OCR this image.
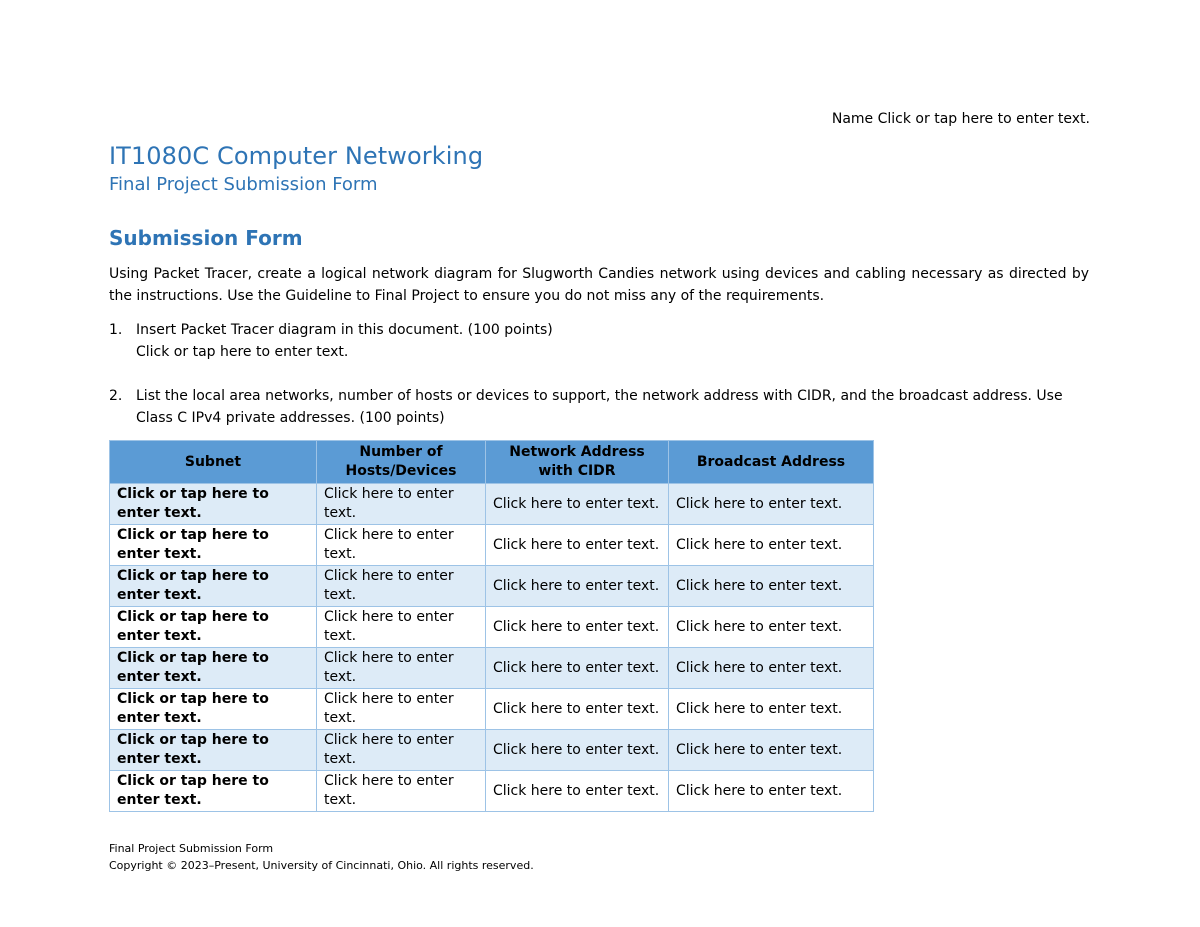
Name Click or tap here to enter text.
IT1080C Computer Networking
Final Project Submission Form
Submission Form
Using Packet Tracer, create a logical network diagram for Slugworth Candies network using devices and cabling necessary as directed by the instructions. Use the Guideline to Final Project to ensure you do not miss any of the requirements.
1. Insert Packet Tracer diagram in this document. (100 points)
Click or tap here to enter text.
2. List the local area networks, number of hosts or devices to support, the network address with CIDR, and the broadcast address. Use Class C IPv4 private addresses. (100 points)
Subnet	Number of Hosts/Devices	Network Address with CIDR	Broadcast Address
Click or tap here to enter text.	Click here to enter text.	Click here to enter text.	Click here to enter text.
Click or tap here to enter text.	Click here to enter text.	Click here to enter text.	Click here to enter text.
Click or tap here to enter text.	Click here to enter text.	Click here to enter text.	Click here to enter text.
Click or tap here to enter text.	Click here to enter text.	Click here to enter text.	Click here to enter text.
Click or tap here to enter text.	Click here to enter text.	Click here to enter text.	Click here to enter text.
Click or tap here to enter text.	Click here to enter text.	Click here to enter text.	Click here to enter text.
Click or tap here to enter text.	Click here to enter text.	Click here to enter text.	Click here to enter text.
Click or tap here to enter text.	Click here to enter text.	Click here to enter text.	Click here to enter text.
Final Project Submission Form
Copyright © 2023–Present, University of Cincinnati, Ohio. All rights reserved.
